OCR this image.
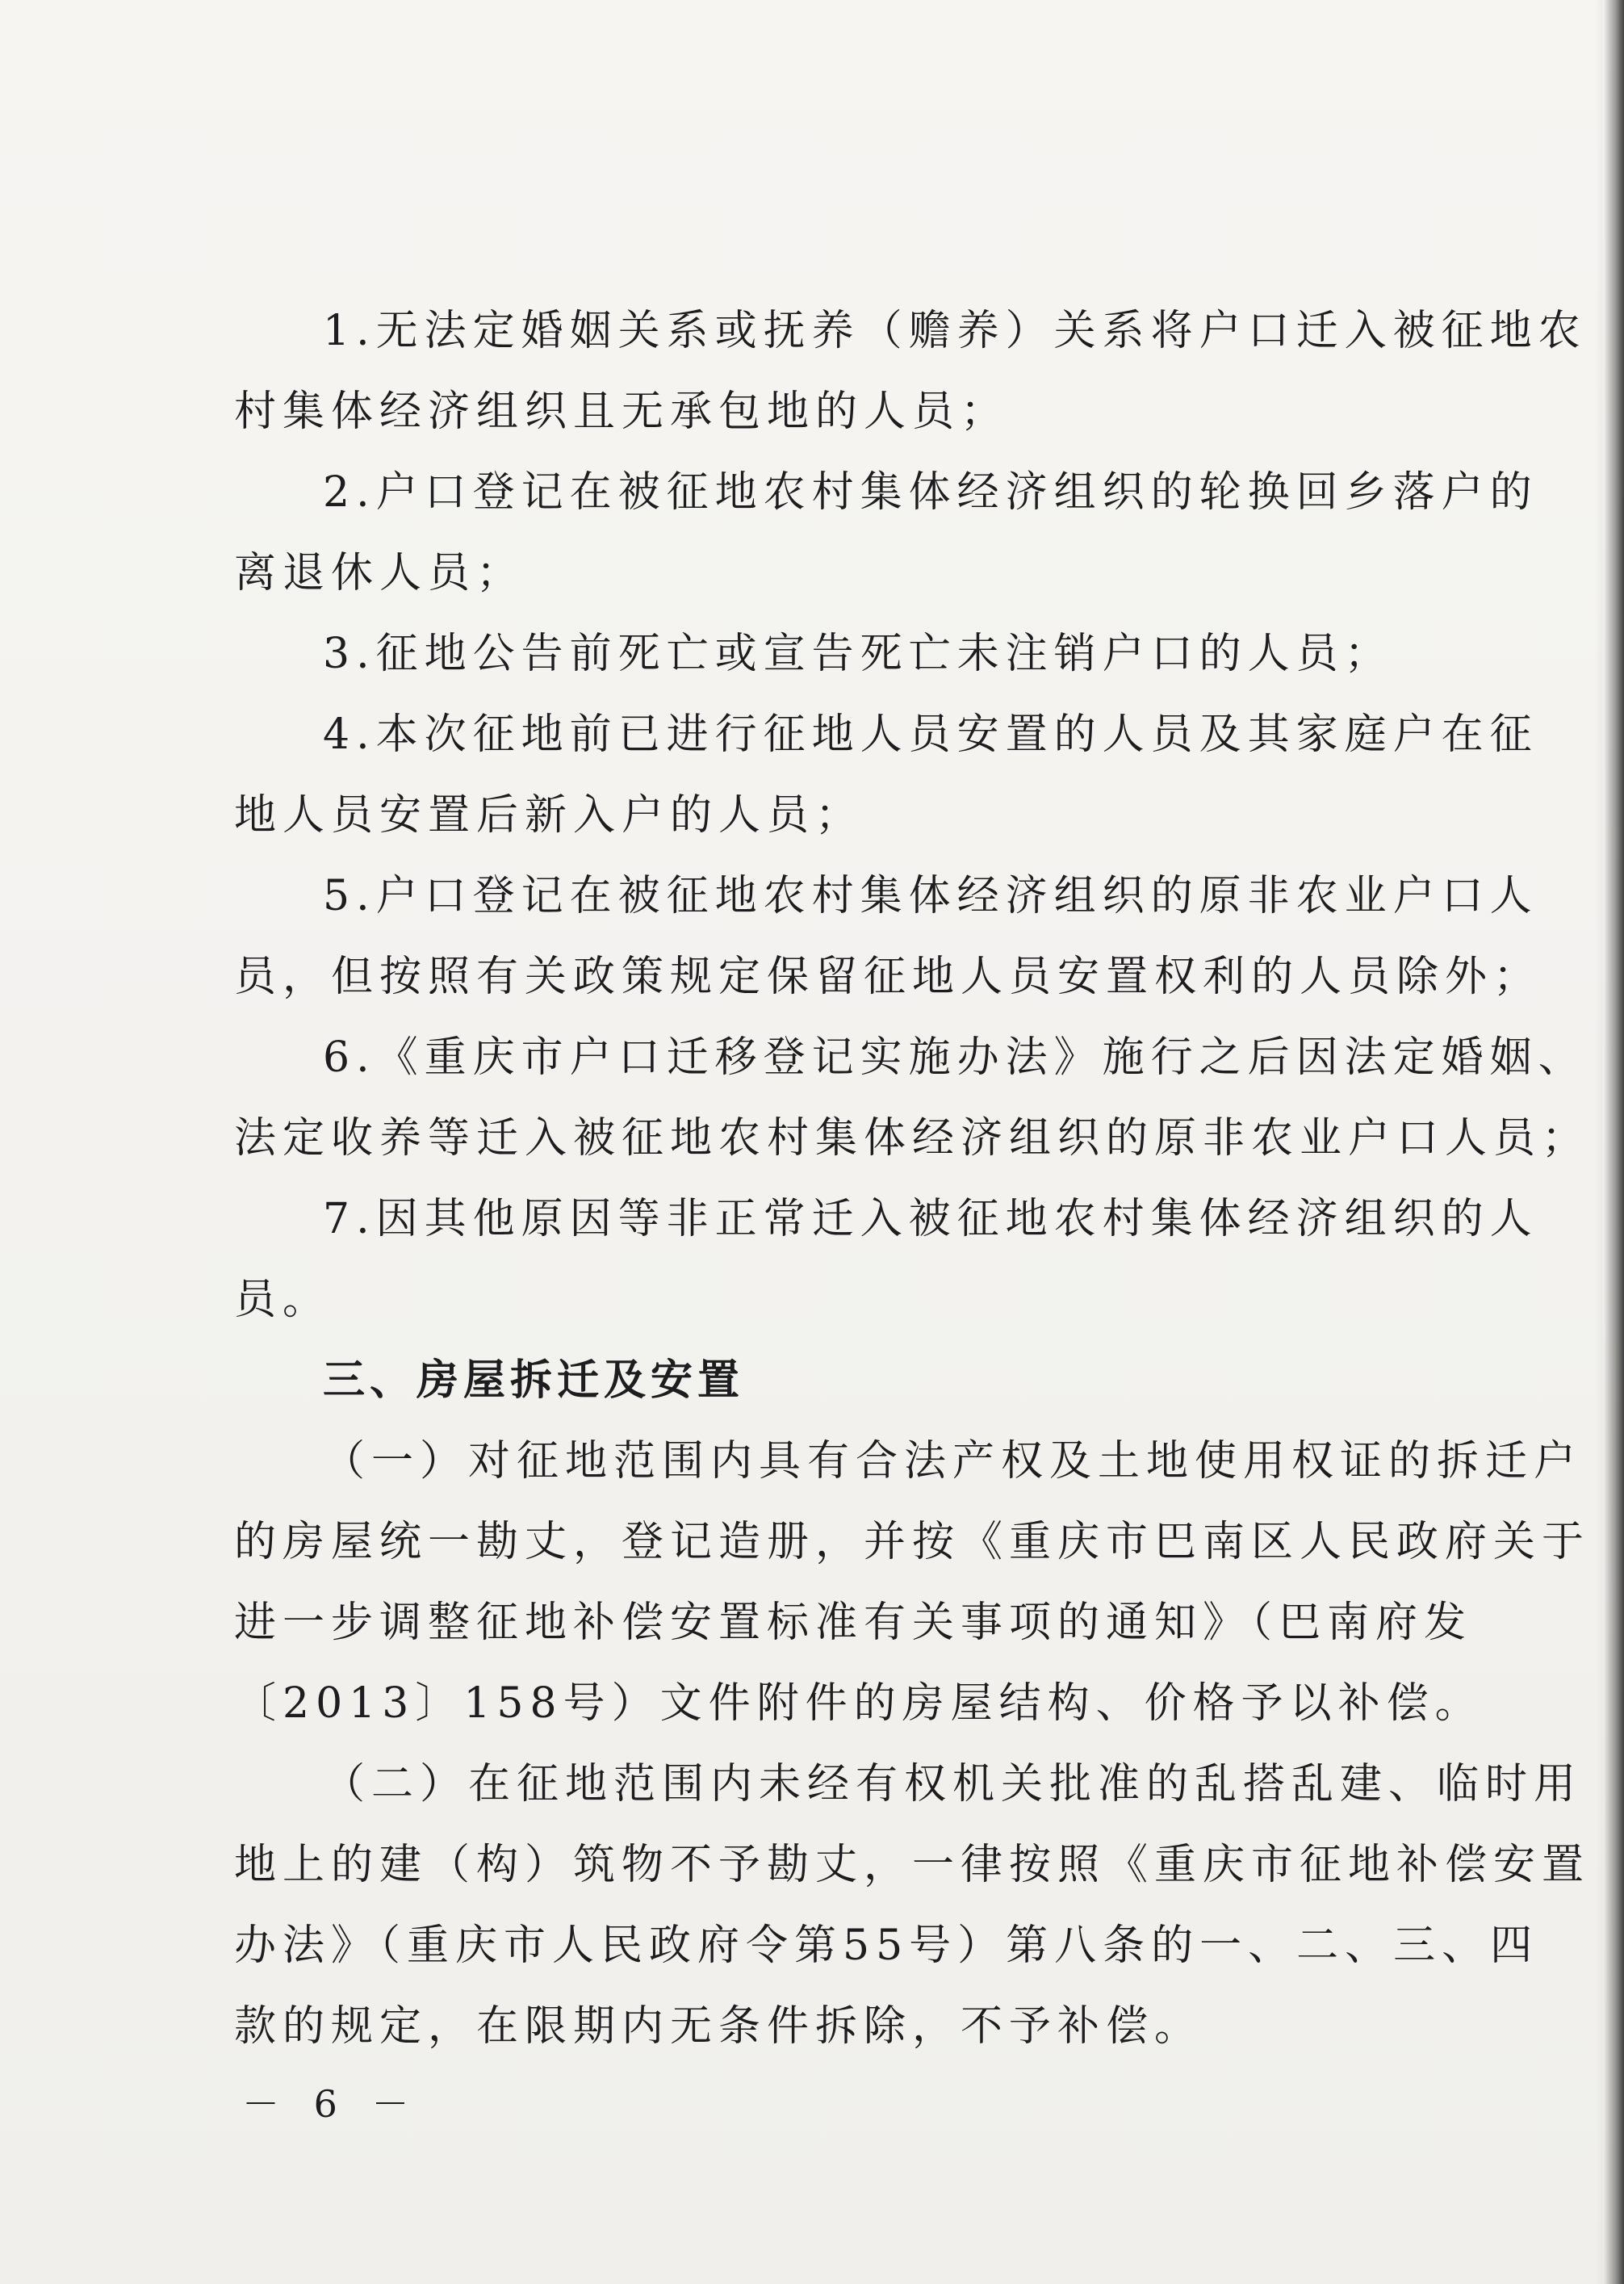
1.无法定婚姻关系或抚养（赡养）关系将户口迁入被征地农

村集体经济组织且无承包地的人员；

2.户口登记在被征地农村集体经济组织的轮换回乡落户的

离退休人员；

3.征地公告前死亡或宣告死亡未注销户口的人员；

4.本次征地前已进行征地人员安置的人员及其家庭户在征

地人员安置后新入户的人员；

5.户口登记在被征地农村集体经济组织的原非农业户口人

员，但按照有关政策规定保留征地人员安置权利的人员除外；

6.《重庆市户口迁移登记实施办法》施行之后因法定婚姻、

法定收养等迁入被征地农村集体经济组织的原非农业户口人员；

7.因其他原因等非正常迁入被征地农村集体经济组织的人

员。

三、房屋拆迁及安置

（一）对征地范围内具有合法产权及土地使用权证的拆迁户

的房屋统一勘丈，登记造册，并按《重庆市巴南区人民政府关于

进一步调整征地补偿安置标准有关事项的通知》（巴南府发

〔2013〕158号）文件附件的房屋结构、价格予以补偿。

（二）在征地范围内未经有权机关批准的乱搭乱建、临时用

地上的建（构）筑物不予勘丈，一律按照《重庆市征地补偿安置

办法》（重庆市人民政府令第55号）第八条的一、二、三、四

款的规定，在限期内无条件拆除，不予补偿。

－ 6 －
